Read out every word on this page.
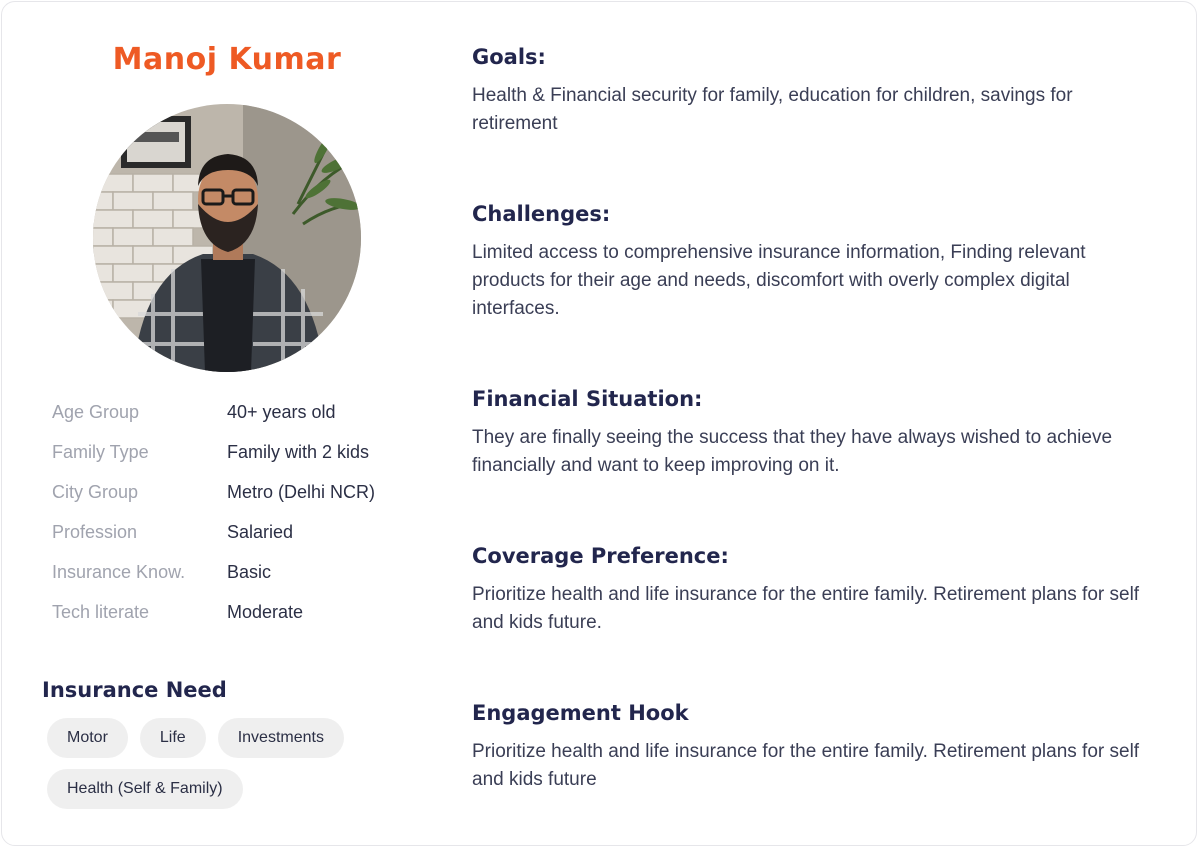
Manoj Kumar
Age Group	40+ years old
Family Type	Family with 2 kids
City Group	Metro (Delhi NCR)
Profession	Salaried
Insurance Know.	Basic
Tech literate	Moderate
Insurance Need
Motor	Life	Investments
Health (Self & Family)
Goals:
Health & Financial security for family, education for children, savings for retirement
Challenges:
Limited access to comprehensive insurance information, Finding relevant products for their age and needs, discomfort with overly complex digital interfaces.
Financial Situation:
They are finally seeing the success that they have always wished to achieve financially and want to keep improving on it.
Coverage Preference:
Prioritize health and life insurance for the entire family. Retirement plans for self and kids future.
Engagement Hook
Prioritize health and life insurance for the entire family. Retirement plans for self and kids future
